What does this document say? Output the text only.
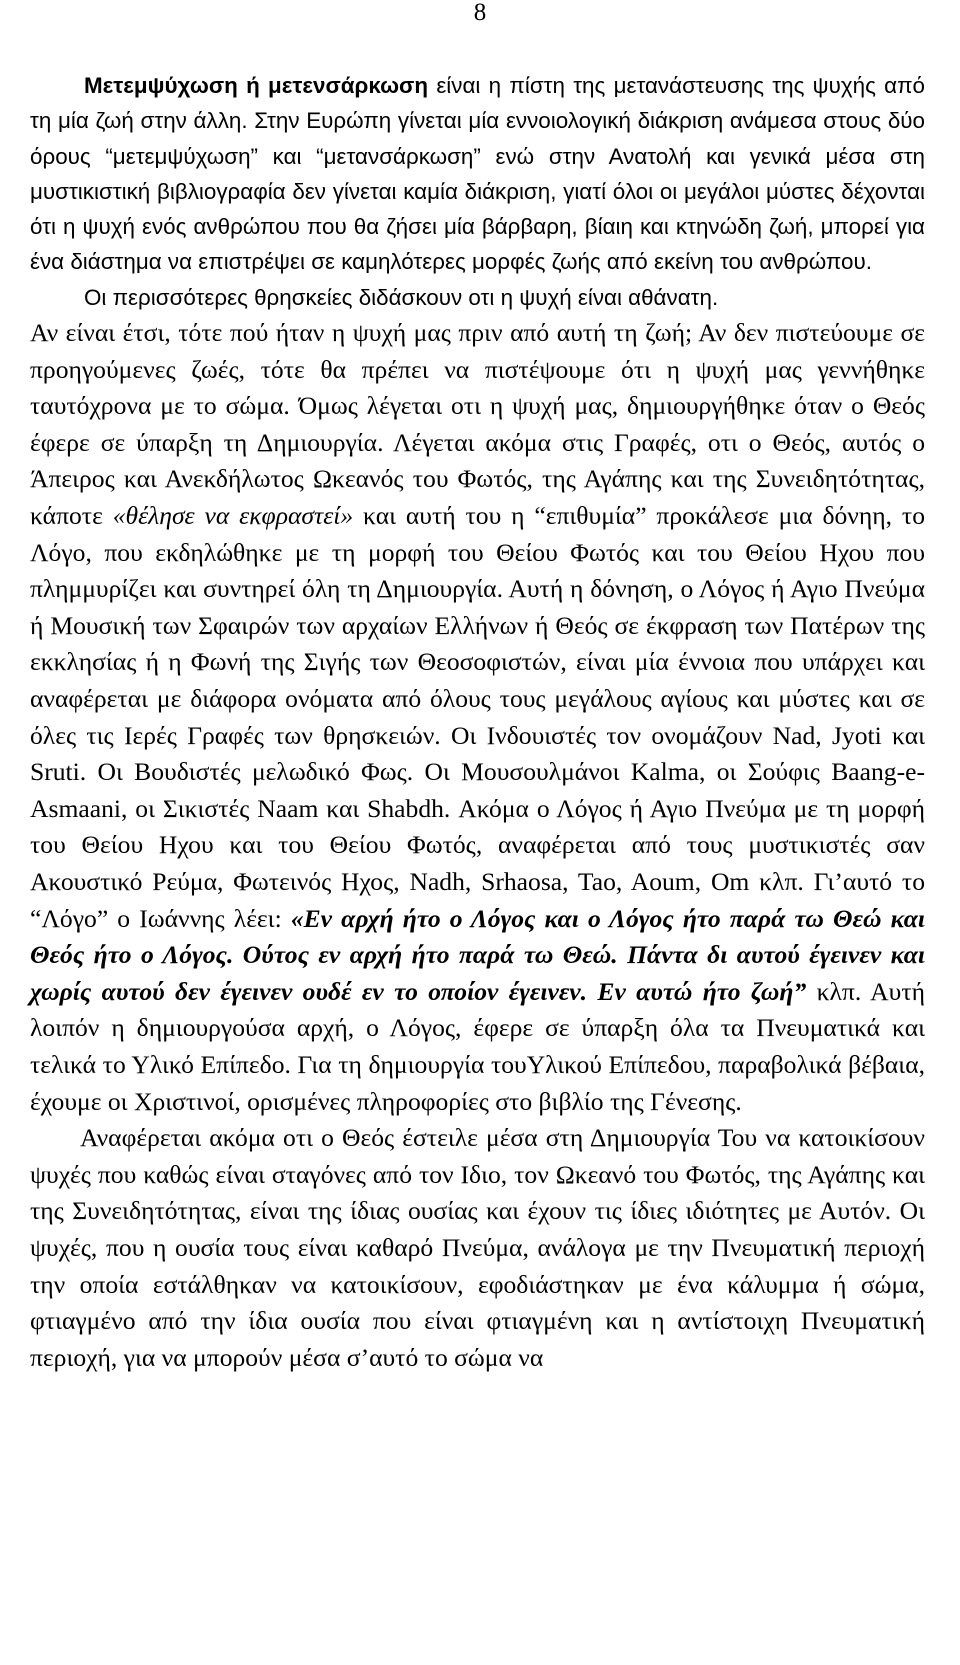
8

Μετεμψύχωση ή μετενσάρκωση είναι η πίστη της μετανάστευσης της ψυχής από τη μία ζωή στην άλλη. Στην Ευρώπη γίνεται μία εννοιολογική διάκριση ανάμεσα στους δύο όρους “μετεμψύχωση” και “μετανσάρκωση” ενώ στην Ανατολή και γενικά μέσα στη μυστικιστική βιβλιογραφία δεν γίνεται καμία διάκριση, γιατί όλοι οι μεγάλοι μύστες δέχονται ότι η ψυχή ενός ανθρώπου που θα ζήσει μία βάρβαρη, βίαιη και κτηνώδη ζωή, μπορεί για ένα διάστημα να επιστρέψει σε καμηλότερες μορφές ζωής από εκείνη του ανθρώπου.

Οι περισσότερες θρησκείες διδάσκουν οτι η ψυχή είναι αθάνατη.

Αν είναι έτσι, τότε πού ήταν η ψυχή μας πριν από αυτή τη ζωή; Αν δεν πιστεύουμε σε προηγούμενες ζωές, τότε θα πρέπει να πιστέψουμε ότι η ψυχή μας γεννήθηκε ταυτόχρονα με το σώμα. Όμως λέγεται οτι η ψυχή μας, δημιουργήθηκε όταν ο Θεός έφερε σε ύπαρξη τη Δημιουργία. Λέγεται ακόμα στις Γραφές, οτι ο Θεός, αυτός ο Άπειρος και Ανεκδήλωτος Ωκεανός του Φωτός, της Αγάπης και της Συνειδητότητας, κάποτε «θέλησε να εκφραστεί» και αυτή του η “επιθυμία” προκάλεσε μια δόνηη, το Λόγο, που εκδηλώθηκε με τη μορφή του Θείου Φωτός και του Θείου Ηχου που πλημμυρίζει και συντηρεί όλη τη Δημιουργία. Αυτή η δόνηση, ο Λόγος ή Αγιο Πνεύμα ή Μουσική των Σφαιρών των αρχαίων Ελλήνων ή Θεός σε έκφραση των Πατέρων της εκκλησίας ή η Φωνή της Σιγής των Θεοσοφιστών, είναι μία έννοια που υπάρχει και αναφέρεται με διάφορα ονόματα από όλους τους μεγάλους αγίους και μύστες και σε όλες τις Ιερές Γραφές των θρησκειών. Οι Ινδουιστές τον ονομάζουν Nad, Jyoti και Sruti. Οι Βουδιστές μελωδικό Φως. Οι Μουσουλμάνοι Kalma, οι Σούφις Baang-e-Asmaani, οι Σικιστές Naam και Shabdh. Ακόμα ο Λόγος ή Αγιο Πνεύμα με τη μορφή του Θείου Ηχου και του Θείου Φωτός, αναφέρεται από τους μυστικιστές σαν Ακουστικό Ρεύμα, Φωτεινός Ηχος, Nadh, Srhaosa, Tao, Aoum, Om κλπ. Γι’αυτό το “Λόγο” ο Ιωάννης λέει: «Εν αρχή ήτο ο Λόγος και ο Λόγος ήτο παρά τω Θεώ και Θεός ήτο ο Λόγος. Ούτος εν αρχή ήτο παρά τω Θεώ. Πάντα δι αυτού έγεινεν και χωρίς αυτού δεν έγεινεν ουδέ εν το οποίον έγεινεν. Εν αυτώ ήτο ζωή” κλπ. Αυτή λοιπόν η δημιουργούσα αρχή, ο Λόγος, έφερε σε ύπαρξη όλα τα Πνευματικά και τελικά το Υλικό Επίπεδο. Για τη δημιουργία τουΥλικού Επίπεδου, παραβολικά βέβαια, έχουμε οι Χριστινοί, ορισμένες πληροφορίες στο βιβλίο της Γένεσης.

Αναφέρεται ακόμα οτι ο Θεός έστειλε μέσα στη Δημιουργία Του να κατοικίσουν ψυχές που καθώς είναι σταγόνες από τον Ιδιο, τον Ωκεανό του Φωτός, της Αγάπης και της Συνειδητότητας, είναι της ίδιας ουσίας και έχουν τις ίδιες ιδιότητες με Αυτόν. Οι ψυχές, που η ουσία τους είναι καθαρό Πνεύμα, ανάλογα με την Πνευματική περιοχή την οποία εστάλθηκαν να κατοικίσουν, εφοδιάστηκαν με ένα κάλυμμα ή σώμα, φτιαγμένο από την ίδια ουσία που είναι φτιαγμένη και η αντίστοιχη Πνευματική περιοχή, για να μπορούν μέσα σ’αυτό το σώμα να
